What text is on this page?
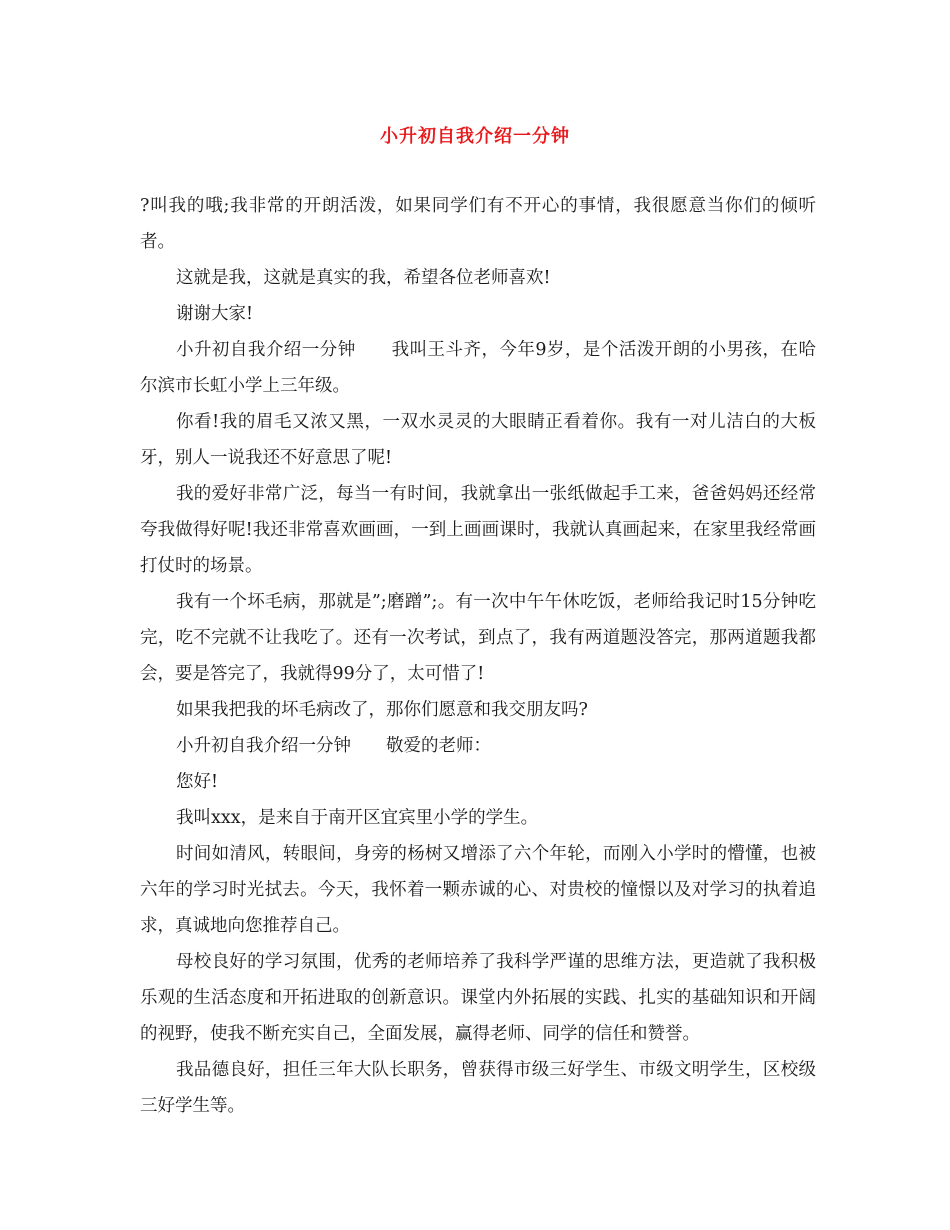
小升初自我介绍一分钟

?叫我的哦;我非常的开朗活泼，如果同学们有不开心的事情，我很愿意当你们的倾听者。

这就是我，这就是真实的我，希望各位老师喜欢!

谢谢大家!

小升初自我介绍一分钟　　我叫王斗齐，今年9岁，是个活泼开朗的小男孩，在哈尔滨市长虹小学上三年级。

你看!我的眉毛又浓又黑，一双水灵灵的大眼睛正看着你。我有一对儿洁白的大板牙，别人一说我还不好意思了呢!

我的爱好非常广泛，每当一有时间，我就拿出一张纸做起手工来，爸爸妈妈还经常夸我做得好呢!我还非常喜欢画画，一到上画画课时，我就认真画起来，在家里我经常画打仗时的场景。

我有一个坏毛病，那就是”;磨蹭”;。有一次中午午休吃饭，老师给我记时15分钟吃完，吃不完就不让我吃了。还有一次考试，到点了，我有两道题没答完，那两道题我都会，要是答完了，我就得99分了，太可惜了!

如果我把我的坏毛病改了，那你们愿意和我交朋友吗?

小升初自我介绍一分钟　　敬爱的老师：

您好!

我叫xxx，是来自于南开区宜宾里小学的学生。

时间如清风，转眼间，身旁的杨树又增添了六个年轮，而刚入小学时的懵懂，也被六年的学习时光拭去。今天，我怀着一颗赤诚的心、对贵校的憧憬以及对学习的执着追求，真诚地向您推荐自己。

母校良好的学习氛围，优秀的老师培养了我科学严谨的思维方法，更造就了我积极乐观的生活态度和开拓进取的创新意识。课堂内外拓展的实践、扎实的基础知识和开阔的视野，使我不断充实自己，全面发展，赢得老师、同学的信任和赞誉。

我品德良好，担任三年大队长职务，曾获得市级三好学生、市级文明学生，区校级三好学生等。
